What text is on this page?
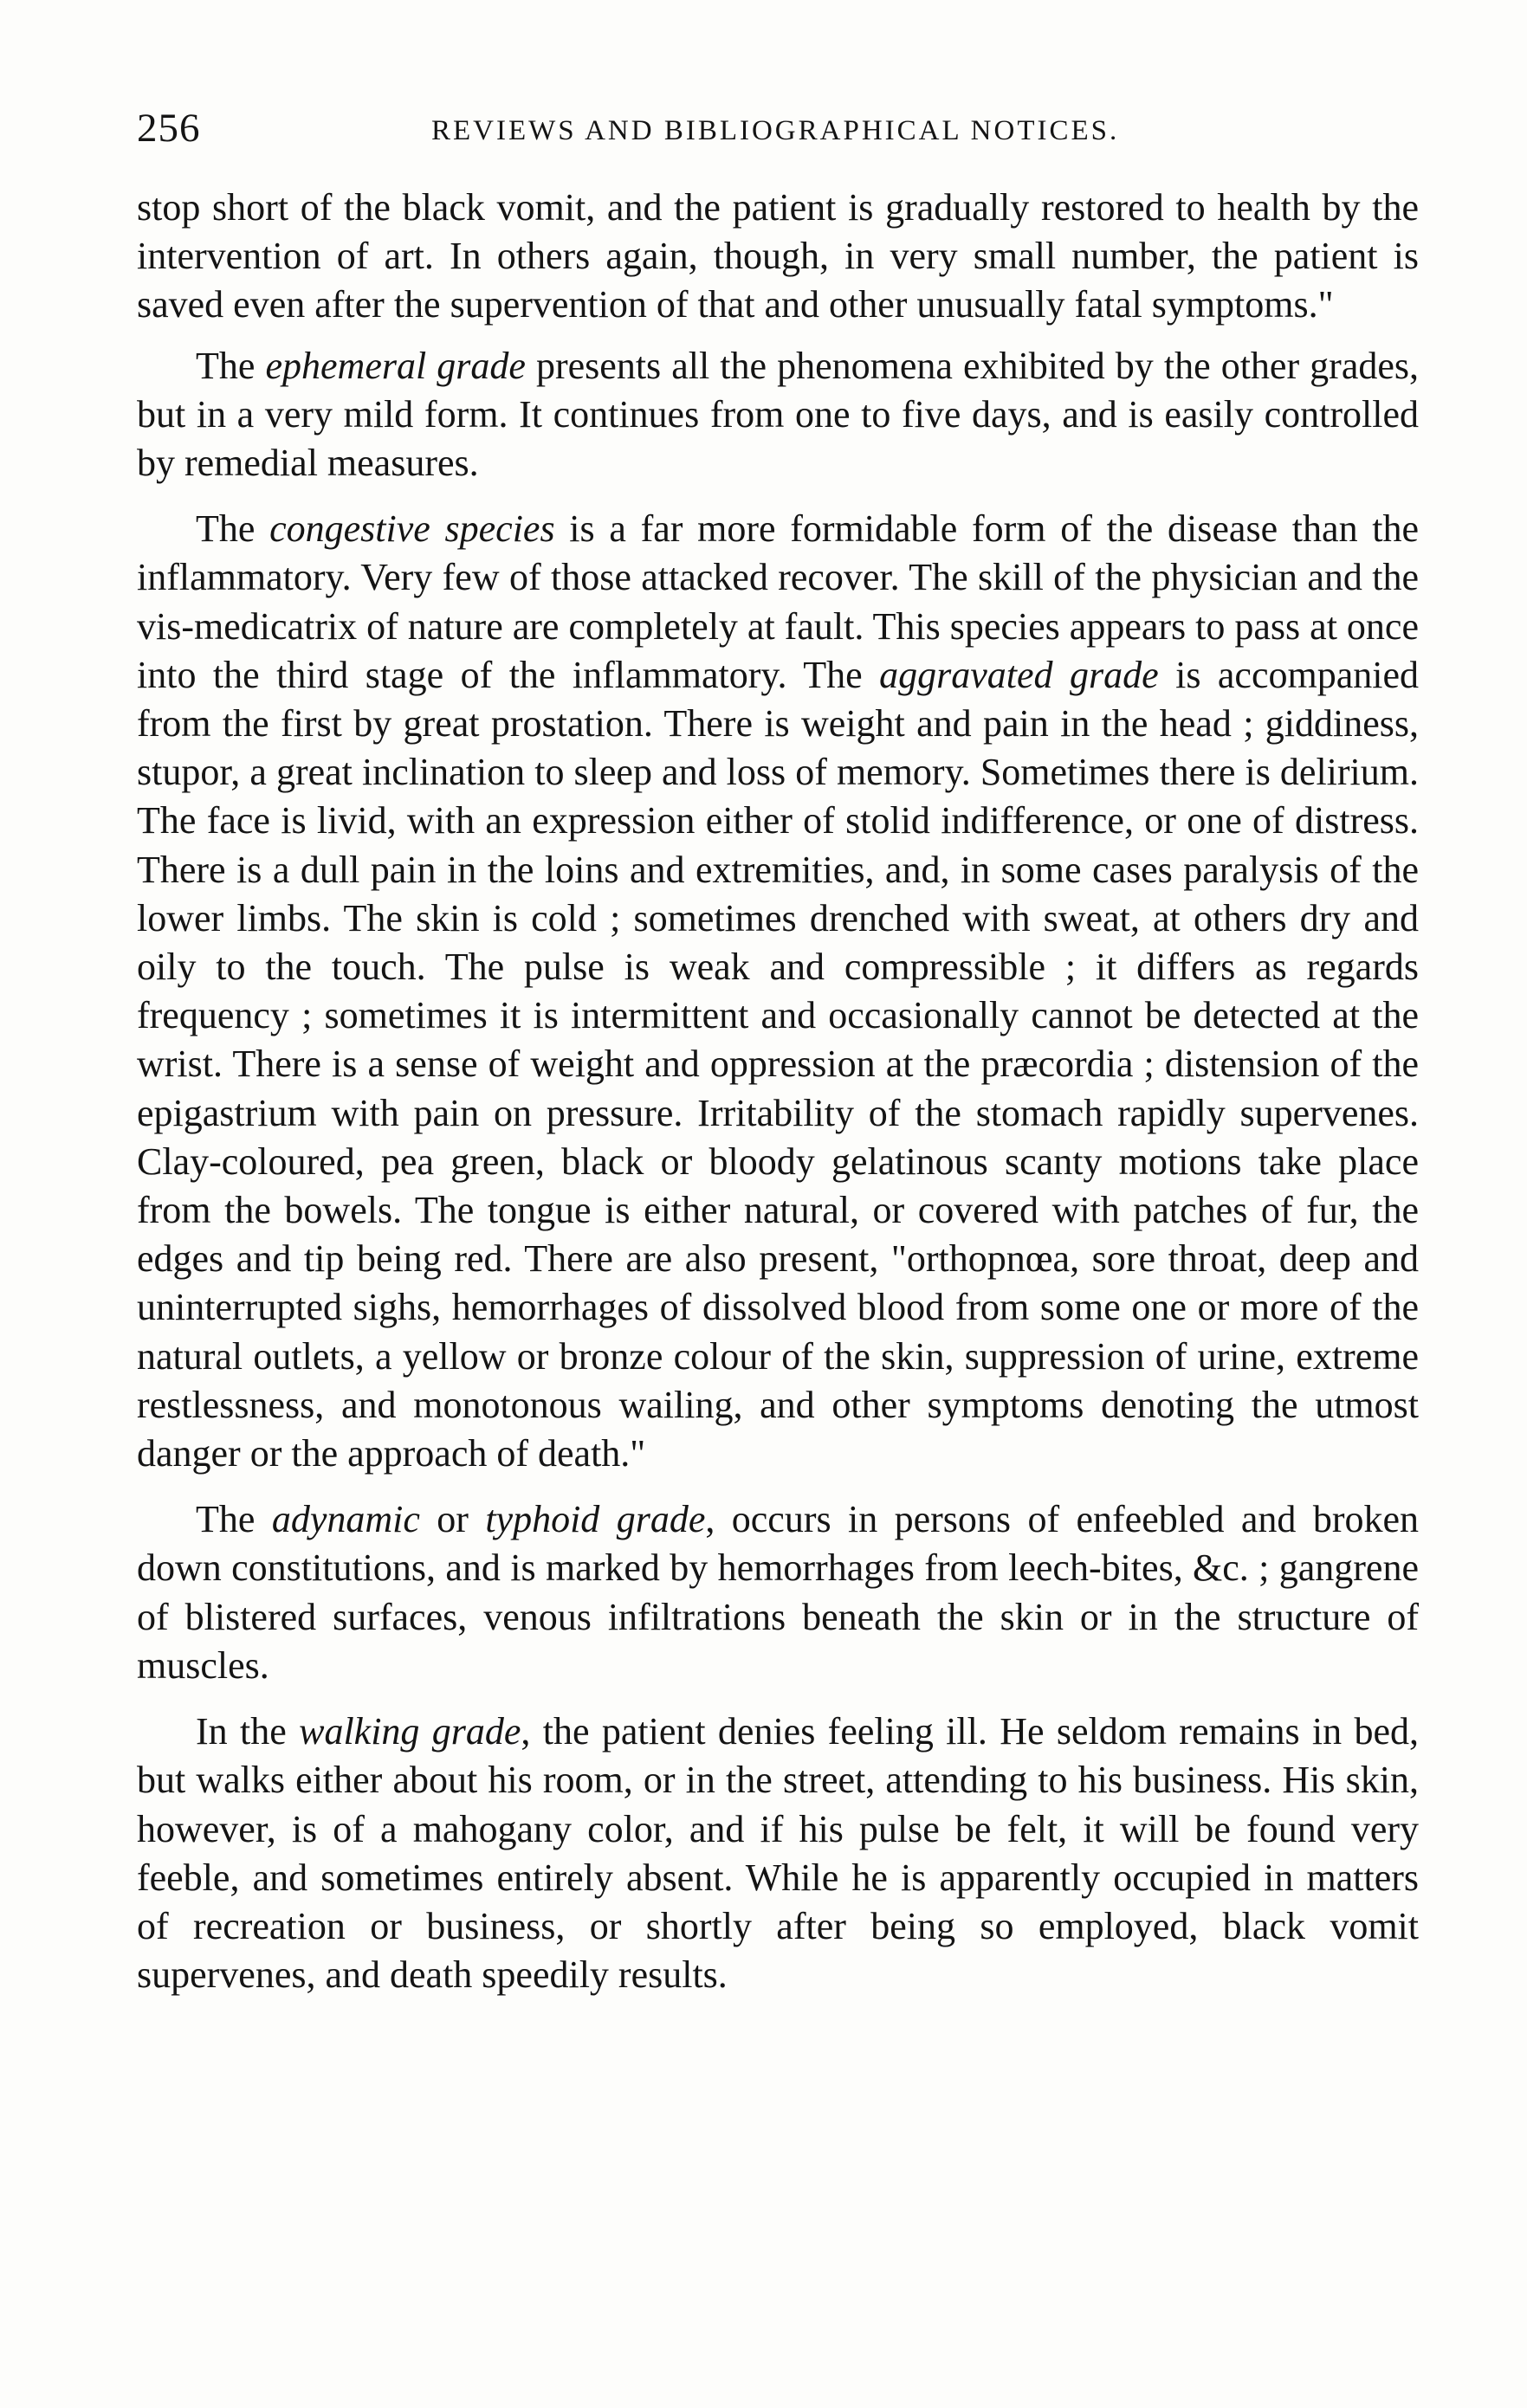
256	REVIEWS AND BIBLIOGRAPHICAL NOTICES.

stop short of the black vomit, and the patient is gradually restored to health by the intervention of art. In others again, though, in very small number, the patient is saved even after the supervention of that and other unusually fatal symptoms."

The ephemeral grade presents all the phenomena exhibited by the other grades, but in a very mild form. It continues from one to five days, and is easily controlled by remedial measures.

The congestive species is a far more formidable form of the disease than the inflammatory. Very few of those attacked recover. The skill of the physician and the vis-medicatrix of nature are completely at fault. This species appears to pass at once into the third stage of the inflammatory. The aggravated grade is accompanied from the first by great prostation. There is weight and pain in the head ; giddiness, stupor, a great inclination to sleep and loss of memory. Sometimes there is delirium. The face is livid, with an expression either of stolid indifference, or one of distress. There is a dull pain in the loins and extremities, and, in some cases paralysis of the lower limbs. The skin is cold ; sometimes drenched with sweat, at others dry and oily to the touch. The pulse is weak and compressible ; it differs as regards frequency ; sometimes it is intermittent and occasionally cannot be detected at the wrist. There is a sense of weight and oppression at the præcordia ; distension of the epigastrium with pain on pressure. Irritability of the stomach rapidly supervenes. Clay-coloured, pea green, black or bloody gelatinous scanty motions take place from the bowels. The tongue is either natural, or covered with patches of fur, the edges and tip being red. There are also present, "orthopnœa, sore throat, deep and uninterrupted sighs, hemorrhages of dissolved blood from some one or more of the natural outlets, a yellow or bronze colour of the skin, suppression of urine, extreme restlessness, and monotonous wailing, and other symptoms denoting the utmost danger or the approach of death."

The adynamic or typhoid grade, occurs in persons of enfeebled and broken down constitutions, and is marked by hemorrhages from leech-bites, &c. ; gangrene of blistered surfaces, venous infiltrations beneath the skin or in the structure of muscles.

In the walking grade, the patient denies feeling ill. He seldom remains in bed, but walks either about his room, or in the street, attending to his business. His skin, however, is of a mahogany color, and if his pulse be felt, it will be found very feeble, and sometimes entirely absent. While he is apparently occupied in matters of recreation or business, or shortly after being so employed, black vomit supervenes, and death speedily results.
